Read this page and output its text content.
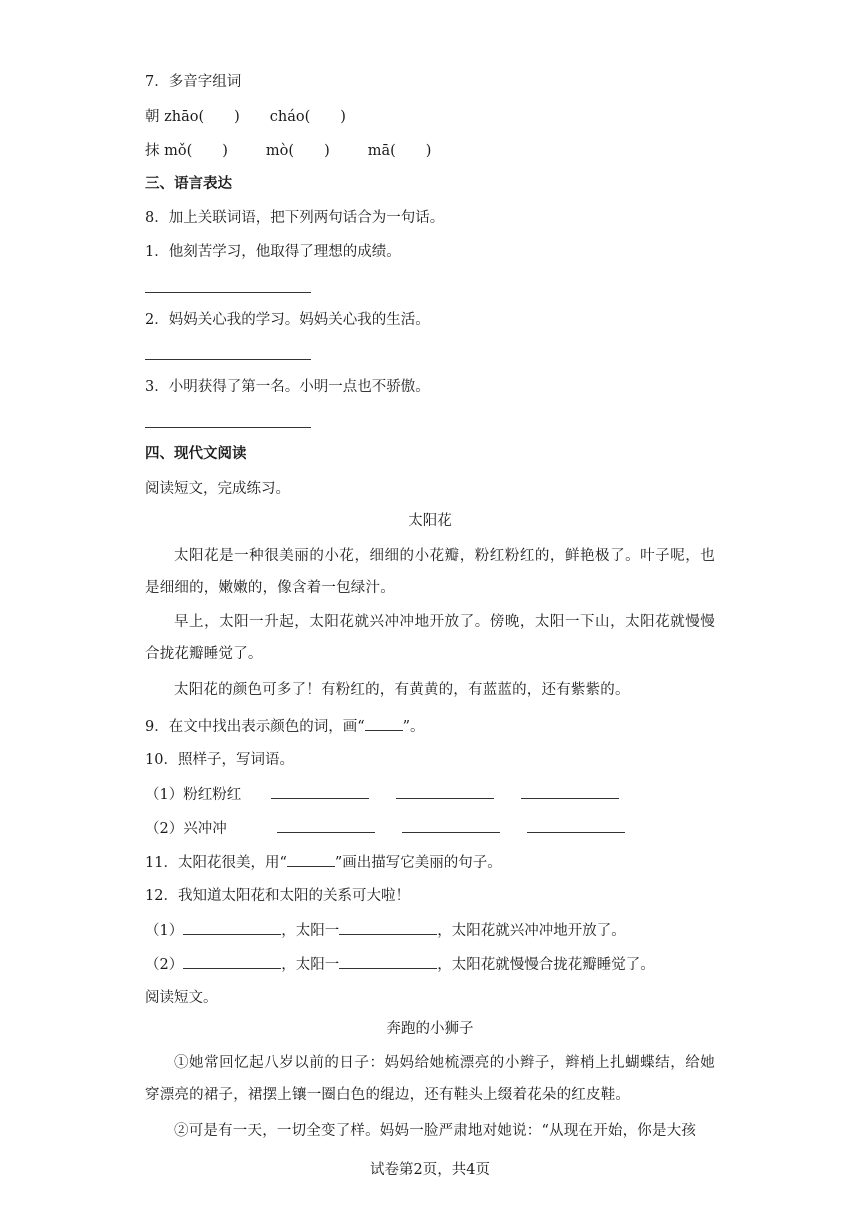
7．多音字组词
朝 zhāo( ) cháo( )
抹 mǒ( )	mò( )	mā( )
三、语言表达
8．加上关联词语，把下列两句话合为一句话。
1．他刻苦学习，他取得了理想的成绩。
2．妈妈关心我的学习。妈妈关心我的生活。
3．小明获得了第一名。小明一点也不骄傲。
四、现代文阅读
阅读短文，完成练习。
太阳花
太阳花是一种很美丽的小花，细细的小花瓣，粉红粉红的，鲜艳极了。叶子呢，也是细细的，嫩嫩的，像含着一包绿汁。
早上，太阳一升起，太阳花就兴冲冲地开放了。傍晚，太阳一下山，太阳花就慢慢合拢花瓣睡觉了。
太阳花的颜色可多了！有粉红的，有黄黄的，有蓝蓝的，还有紫紫的。
9．在文中找出表示颜色的词，画“	”。
10．照样子，写词语。
（1）粉红粉红
（2）兴冲冲
11．太阳花很美，用“	”画出描写它美丽的句子。
12．我知道太阳花和太阳的关系可大啦！
（1）	，太阳一	，太阳花就兴冲冲地开放了。
（2）	，太阳一	，太阳花就慢慢合拢花瓣睡觉了。
阅读短文。
奔跑的小狮子
①她常回忆起八岁以前的日子：妈妈给她梳漂亮的小辫子，辫梢上扎蝴蝶结，给她穿漂亮的裙子，裙摆上镶一圈白色的绲边，还有鞋头上缀着花朵的红皮鞋。
②可是有一天，一切全变了样。妈妈一脸严肃地对她说：“从现在开始，你是大孩
试卷第2页，共4页
